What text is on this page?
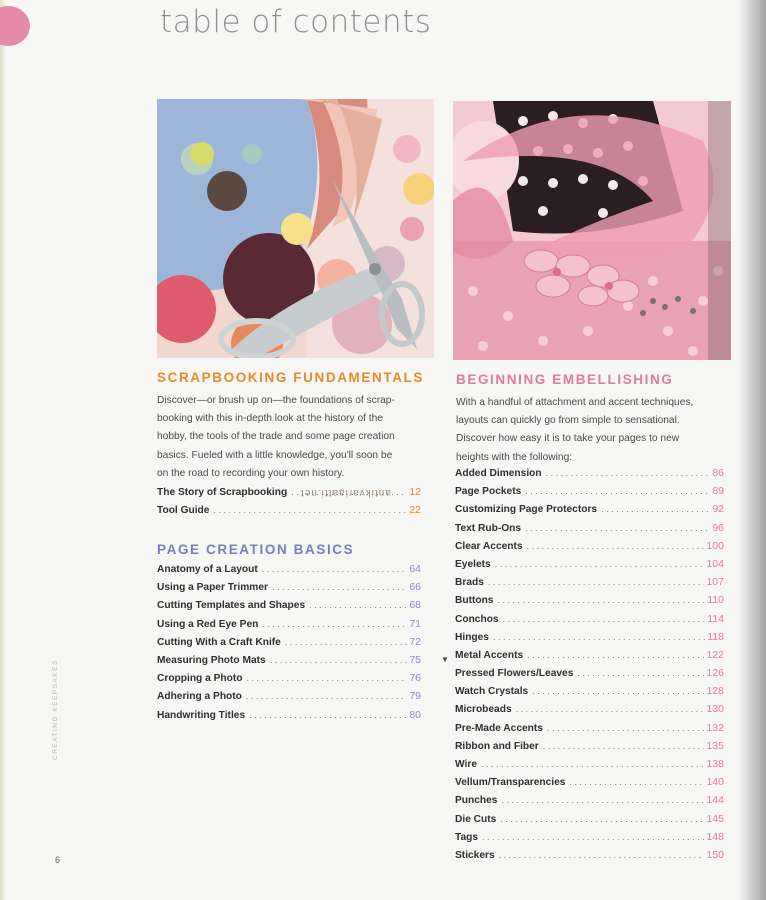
table of contents
SCRAPBOOKING FUNDAMENTALS

Discover—or brush up on—the foundations of scrap-
booking with this in-depth look at the history of the
hobby, the tools of the trade and some page creation
basics. Fueled with a little knowledge, you'll soon be
on the road to recording your own history.

The Story of Scrapbooking . . .	12
Tool Guide . . .	22
antikvariaatti.net
PAGE CREATION BASICS
Anatomy of a Layout . . .	64
Using a Paper Trimmer . . .	66
Cutting Templates and Shapes . . .	68
Using a Red Eye Pen . . .	71
Cutting With a Craft Knife . . .	72
Measuring Photo Mats . . .	75
Cropping a Photo . . .	76
Adhering a Photo . . .	79
Handwriting Titles . . .	80
BEGINNING EMBELLISHING

With a handful of attachment and accent techniques,
layouts can quickly go from simple to sensational.
Discover how easy it is to take your pages to new
heights with the following:

▼
Added Dimension . . .	86
Page Pockets . . .	89
Customizing Page Protectors . . .	92
Text Rub-Ons . . .	96
Clear Accents . . .	100
Eyelets . . .	104
Brads . . .	107
Buttons . . .	110
Conchos . . .	114
Hinges . . .	118
Metal Accents . . .	122
Pressed Flowers/Leaves . . .	126
Watch Crystals . . .	128
Microbeads . . .	130
Pre-Made Accents . . .	132
Ribbon and Fiber . . .	135
Wire . . .	138
Vellum/Transparencies . . .	140
Punches . . .	144
Die Cuts . . .	145
Tags . . .	148
Stickers . . .	150
CREATING KEEPSAKES
6
